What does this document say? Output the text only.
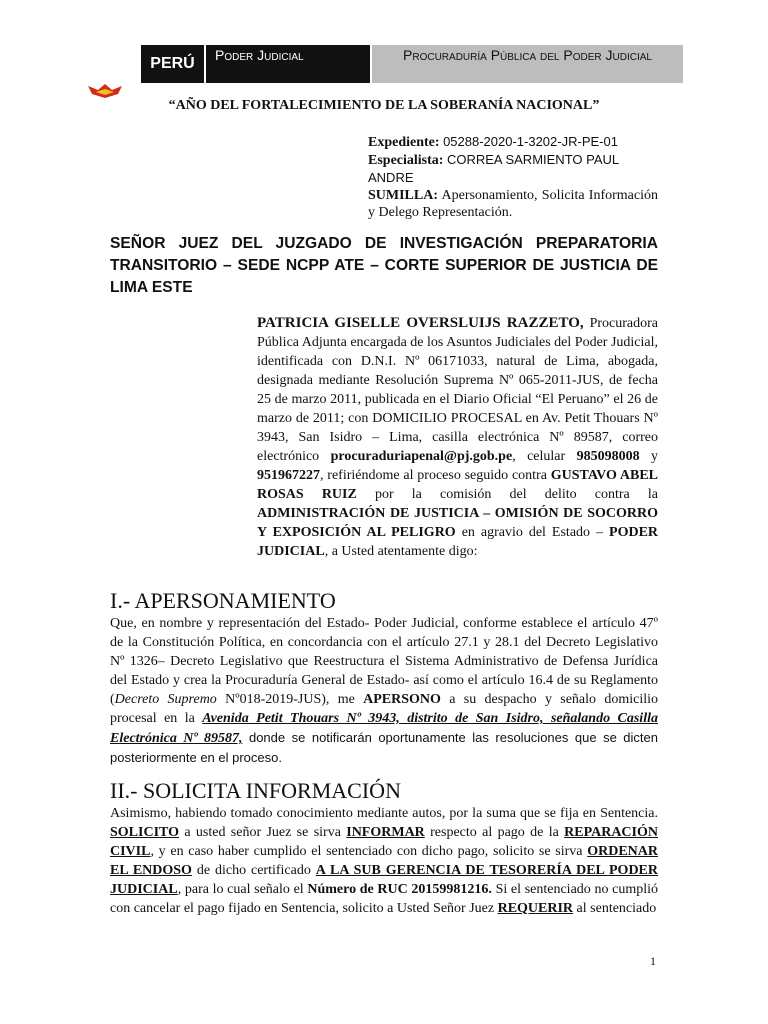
PERÚ	Poder Judicial	Procuraduría Pública del Poder Judicial
“AÑO DEL FORTALECIMIENTO DE LA SOBERANÍA NACIONAL”
Expediente: 05288-2020-1-3202-JR-PE-01
Especialista: CORREA SARMIENTO PAUL ANDRE
SUMILLA: Apersonamiento, Solicita Información y Delego Representación.
SEÑOR JUEZ DEL JUZGADO DE INVESTIGACIÓN PREPARATORIA TRANSITORIO – SEDE NCPP ATE – CORTE SUPERIOR DE JUSTICIA DE LIMA ESTE
PATRICIA GISELLE OVERSLUIJS RAZZETO, Procuradora Pública Adjunta encargada de los Asuntos Judiciales del Poder Judicial, identificada con D.N.I. Nº 06171033, natural de Lima, abogada, designada mediante Resolución Suprema Nº 065-2011-JUS, de fecha 25 de marzo 2011, publicada en el Diario Oficial “El Peruano” el 26 de marzo de 2011; con DOMICILIO PROCESAL en Av. Petit Thouars Nº 3943, San Isidro – Lima, casilla electrónica Nº 89587, correo electrónico procuraduriapenal@pj.gob.pe, celular 985098008 y 951967227, refiriéndome al proceso seguido contra GUSTAVO ABEL ROSAS RUIZ por la comisión del delito contra la ADMINISTRACIÓN DE JUSTICIA – OMISIÓN DE SOCORRO Y EXPOSICIÓN AL PELIGRO en agravio del Estado – PODER JUDICIAL, a Usted atentamente digo:
I.- APERSONAMIENTO
Que, en nombre y representación del Estado- Poder Judicial, conforme establece el artículo 47º de la Constitución Política, en concordancia con el artículo 27.1 y 28.1 del Decreto Legislativo Nº 1326– Decreto Legislativo que Reestructura el Sistema Administrativo de Defensa Jurídica del Estado y crea la Procuraduría General de Estado- así como el artículo 16.4 de su Reglamento (Decreto Supremo Nº018-2019-JUS), me APERSONO a su despacho y señalo domicilio procesal en la Avenida Petit Thouars Nº 3943, distrito de San Isidro, señalando Casilla Electrónica Nº 89587, donde se notificarán oportunamente las resoluciones que se dicten posteriormente en el proceso.
II.- SOLICITA INFORMACIÓN
Asimismo, habiendo tomado conocimiento mediante autos, por la suma que se fija en Sentencia. SOLICITO a usted señor Juez se sirva INFORMAR respecto al pago de la REPARACIÓN CIVIL, y en caso haber cumplido el sentenciado con dicho pago, solicito se sirva ORDENAR EL ENDOSO de dicho certificado A LA SUB GERENCIA DE TESORERÍA DEL PODER JUDICIAL, para lo cual señalo el Número de RUC 20159981216. Si el sentenciado no cumplió con cancelar el pago fijado en Sentencia, solicito a Usted Señor Juez REQUERIR al sentenciado
1
